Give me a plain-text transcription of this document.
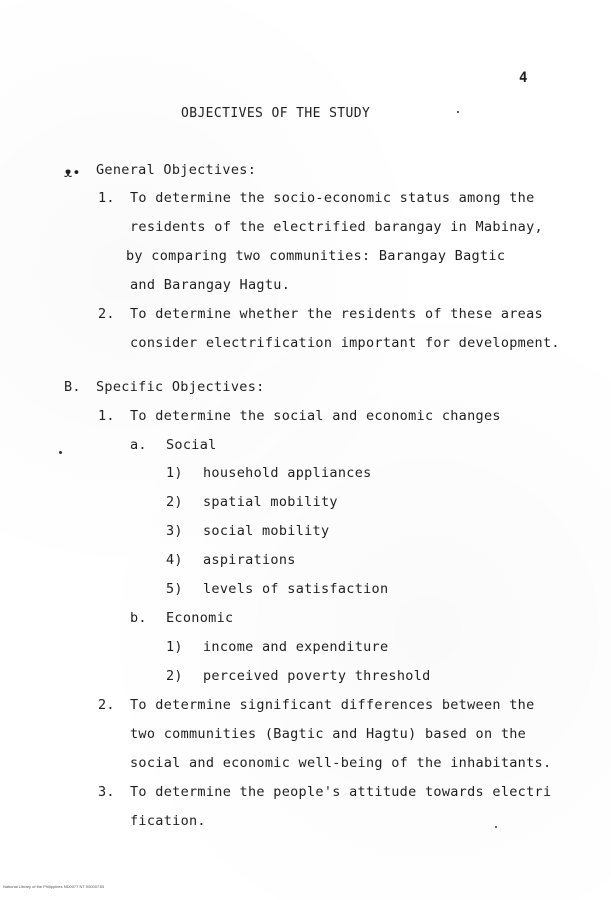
4
OBJECTIVES OF THE STUDY
ᴥ• General Objectives:
1. To determine the socio-economic status among the
residents of the electrified barangay in Mabinay,
by comparing two communities: Barangay Bagtic
and Barangay Hagtu.
2. To determine whether the residents of these areas
consider electrification important for development.
B. Specific Objectives:
1. To determine the social and economic changes
a. Social
1) household appliances
2) spatial mobility
3) social mobility
4) aspirations
5) levels of satisfaction
b. Economic
1) income and expenditure
2) perceived poverty threshold
2. To determine significant differences between the
two communities (Bagtic and Hagtu) based on the
social and economic well-being of the inhabitants.
3. To determine the people's attitude towards electri
fication.
National Library of the Philippines ND0077 NT 0000071B
